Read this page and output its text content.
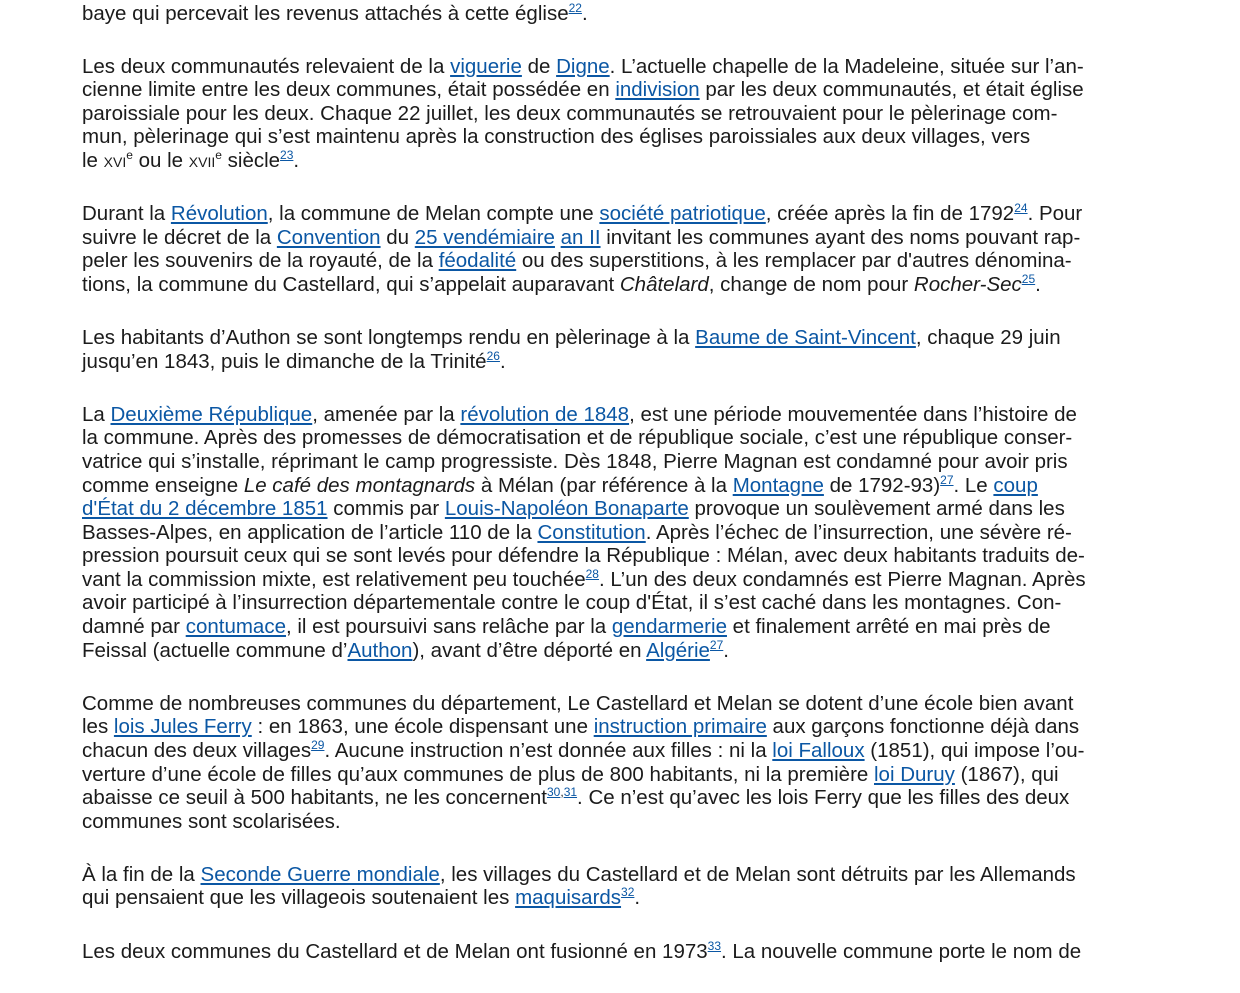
baye qui percevait les revenus attachés à cette église$^{22}$.

Les deux communautés relevaient de la viguerie de Digne. L’actuelle chapelle de la Madeleine, située sur l’an-
cienne limite entre les deux communes, était possédée en indivision par les deux communautés, et était église
paroissiale pour les deux. Chaque 22 juillet, les deux communautés se retrouvaient pour le pèlerinage com-
mun, pèlerinage qui s’est maintenu après la construction des églises paroissiales aux deux villages, vers
le xvi$^e$ ou le xvii$^e$ siècle$^{23}$.

Durant la Révolution, la commune de Melan compte une société patriotique, créée après la fin de 1792$^{24}$. Pour
suivre le décret de la Convention du 25 vendémiaire an II invitant les communes ayant des noms pouvant rap-
peler les souvenirs de la royauté, de la féodalité ou des superstitions, à les remplacer par d'autres dénomina-
tions, la commune du Castellard, qui s’appelait auparavant Châtelard, change de nom pour Rocher-Sec$^{25}$.

Les habitants d’Authon se sont longtemps rendu en pèlerinage à la Baume de Saint-Vincent, chaque 29 juin
jusqu’en 1843, puis le dimanche de la Trinité$^{26}$.

La Deuxième République, amenée par la révolution de 1848, est une période mouvementée dans l’histoire de
la commune. Après des promesses de démocratisation et de république sociale, c’est une république conser-
vatrice qui s’installe, réprimant le camp progressiste. Dès 1848, Pierre Magnan est condamné pour avoir pris
comme enseigne Le café des montagnards à Mélan (par référence à la Montagne de 1792-93)$^{27}$. Le coup
d'État du 2 décembre 1851 commis par Louis-Napoléon Bonaparte provoque un soulèvement armé dans les
Basses-Alpes, en application de l’article 110 de la Constitution. Après l’échec de l’insurrection, une sévère ré-
pression poursuit ceux qui se sont levés pour défendre la République : Mélan, avec deux habitants traduits de-
vant la commission mixte, est relativement peu touchée$^{28}$. L’un des deux condamnés est Pierre Magnan. Après
avoir participé à l’insurrection départementale contre le coup d'État, il s’est caché dans les montagnes. Con-
damné par contumace, il est poursuivi sans relâche par la gendarmerie et finalement arrêté en mai près de
Feissal (actuelle commune d’Authon), avant d’être déporté en Algérie$^{27}$.

Comme de nombreuses communes du département, Le Castellard et Melan se dotent d’une école bien avant
les lois Jules Ferry : en 1863, une école dispensant une instruction primaire aux garçons fonctionne déjà dans
chacun des deux villages$^{29}$. Aucune instruction n’est donnée aux filles : ni la loi Falloux (1851), qui impose l’ou-
verture d’une école de filles qu’aux communes de plus de 800 habitants, ni la première loi Duruy (1867), qui
abaisse ce seuil à 500 habitants, ne les concernent$^{30,31}$. Ce n’est qu’avec les lois Ferry que les filles des deux
communes sont scolarisées.

À la fin de la Seconde Guerre mondiale, les villages du Castellard et de Melan sont détruits par les Allemands
qui pensaient que les villageois soutenaient les maquisards$^{32}$.

Les deux communes du Castellard et de Melan ont fusionné en 1973$^{33}$. La nouvelle commune porte le nom de
